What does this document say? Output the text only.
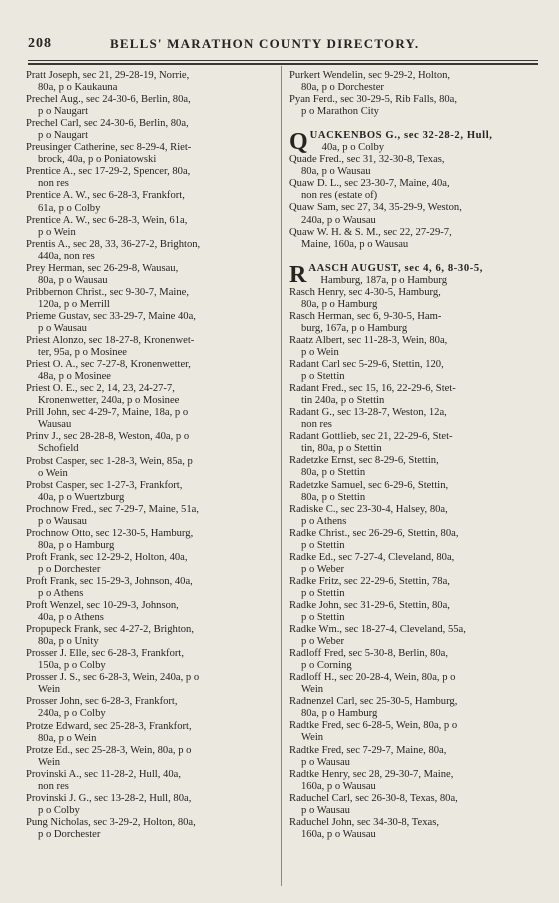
208	BELLS' MARATHON COUNTY DIRECTORY.
Pratt Joseph, sec 21, 29-28-19, Norrie,
80a, p o Kaukauna
Prechel Aug., sec 24-30-6, Berlin, 80a,
p o Naugart
Prechel Carl, sec 24-30-6, Berlin, 80a,
p o Naugart
Preusinger Catherine, sec 8-29-4, Riet-
brock, 40a, p o Poniatowski
Prentice A., sec 17-29-2, Spencer, 80a,
non res
Prentice A. W., sec 6-28-3, Frankfort,
61a, p o Colby
Prentice A. W., sec 6-28-3, Wein, 61a,
p o Wein
Prentis A., sec 28, 33, 36-27-2, Brighton,
440a, non res
Prey Herman, sec 26-29-8, Wausau,
80a, p o Wausau
Pribbernon Christ., sec 9-30-7, Maine,
120a, p o Merrill
Prieme Gustav, sec 33-29-7, Maine 40a,
p o Wausau
Priest Alonzo, sec 18-27-8, Kronenwet-
ter, 95a, p o Mosinee
Priest O. A., sec 7-27-8, Kronenwetter,
48a, p o Mosinee
Priest O. E., sec 2, 14, 23, 24-27-7,
Kronenwetter, 240a, p o Mosinee
Prill John, sec 4-29-7, Maine, 18a, p o
Wausau
Prinv J., sec 28-28-8, Weston, 40a, p o
Schofield
Probst Casper, sec 1-28-3, Wein, 85a, p
o Wein
Probst Casper, sec 1-27-3, Frankfort,
40a, p o Wuertzburg
Prochnow Fred., sec 7-29-7, Maine, 51a,
p o Wausau
Prochnow Otto, sec 12-30-5, Hamburg,
80a, p o Hamburg
Proft Frank, sec 12-29-2, Holton, 40a,
p o Dorchester
Proft Frank, sec 15-29-3, Johnson, 40a,
p o Athens
Proft Wenzel, sec 10-29-3, Johnson,
40a, p o Athens
Propupeck Frank, sec 4-27-2, Brighton,
80a, p o Unity
Prosser J. Elle, sec 6-28-3, Frankfort,
150a, p o Colby
Prosser J. S., sec 6-28-3, Wein, 240a, p o
Wein
Prosser John, sec 6-28-3, Frankfort,
240a, p o Colby
Protze Edward, sec 25-28-3, Frankfort,
80a, p o Wein
Protze Ed., sec 25-28-3, Wein, 80a, p o
Wein
Provinski A., sec 11-28-2, Hull, 40a,
non res
Provinski J. G., sec 13-28-2, Hull, 80a,
p o Colby
Pung Nicholas, sec 3-29-2, Holton, 80a,
p o Dorchester
Purkert Wendelin, sec 9-29-2, Holton,
80a, p o Dorchester
Pyan Ferd., sec 30-29-5, Rib Falls, 80a,
p o Marathon City
Q UACKENBOS G., sec 32-28-2, Hull,
40a, p o Colby
Quade Fred., sec 31, 32-30-8, Texas,
80a, p o Wausau
Quaw D. L., sec 23-30-7, Maine, 40a,
non res (estate of)
Quaw Sam, sec 27, 34, 35-29-9, Weston,
240a, p o Wausau
Quaw W. H. & S. M., sec 22, 27-29-7,
Maine, 160a, p o Wausau
R AASCH AUGUST, sec 4, 6, 8-30-5,
Hamburg, 187a, p o Hamburg
Rasch Henry, sec 4-30-5, Hamburg,
80a, p o Hamburg
Rasch Herman, sec 6, 9-30-5, Ham-
burg, 167a, p o Hamburg
Raatz Albert, sec 11-28-3, Wein, 80a,
p o Wein
Radant Carl sec 5-29-6, Stettin, 120,
p o Stettin
Radant Fred., sec 15, 16, 22-29-6, Stet-
tin 240a, p o Stettin
Radant G., sec 13-28-7, Weston, 12a,
non res
Radant Gottlieb, sec 21, 22-29-6, Stet-
tin, 80a, p o Stettin
Radetzke Ernst, sec 8-29-6, Stettin,
80a, p o Stettin
Radetzke Samuel, sec 6-29-6, Stettin,
80a, p o Stettin
Radiske C., sec 23-30-4, Halsey, 80a,
p o Athens
Radke Christ., sec 26-29-6, Stettin, 80a,
p o Stettin
Radke Ed., sec 7-27-4, Cleveland, 80a,
p o Weber
Radke Fritz, sec 22-29-6, Stettin, 78a,
p o Stettin
Radke John, sec 31-29-6, Stettin, 80a,
p o Stettin
Radke Wm., sec 18-27-4, Cleveland, 55a,
p o Weber
Radloff Fred, sec 5-30-8, Berlin, 80a,
p o Corning
Radloff H., sec 20-28-4, Wein, 80a, p o
Wein
Radnenzel Carl, sec 25-30-5, Hamburg,
80a, p o Hamburg
Radtke Fred, sec 6-28-5, Wein, 80a, p o
Wein
Radtke Fred, sec 7-29-7, Maine, 80a,
p o Wausau
Radtke Henry, sec 28, 29-30-7, Maine,
160a, p o Wausau
Raduchel Carl, sec 26-30-8, Texas, 80a,
p o Wausau
Raduchel John, sec 34-30-8, Texas,
160a, p o Wausau
